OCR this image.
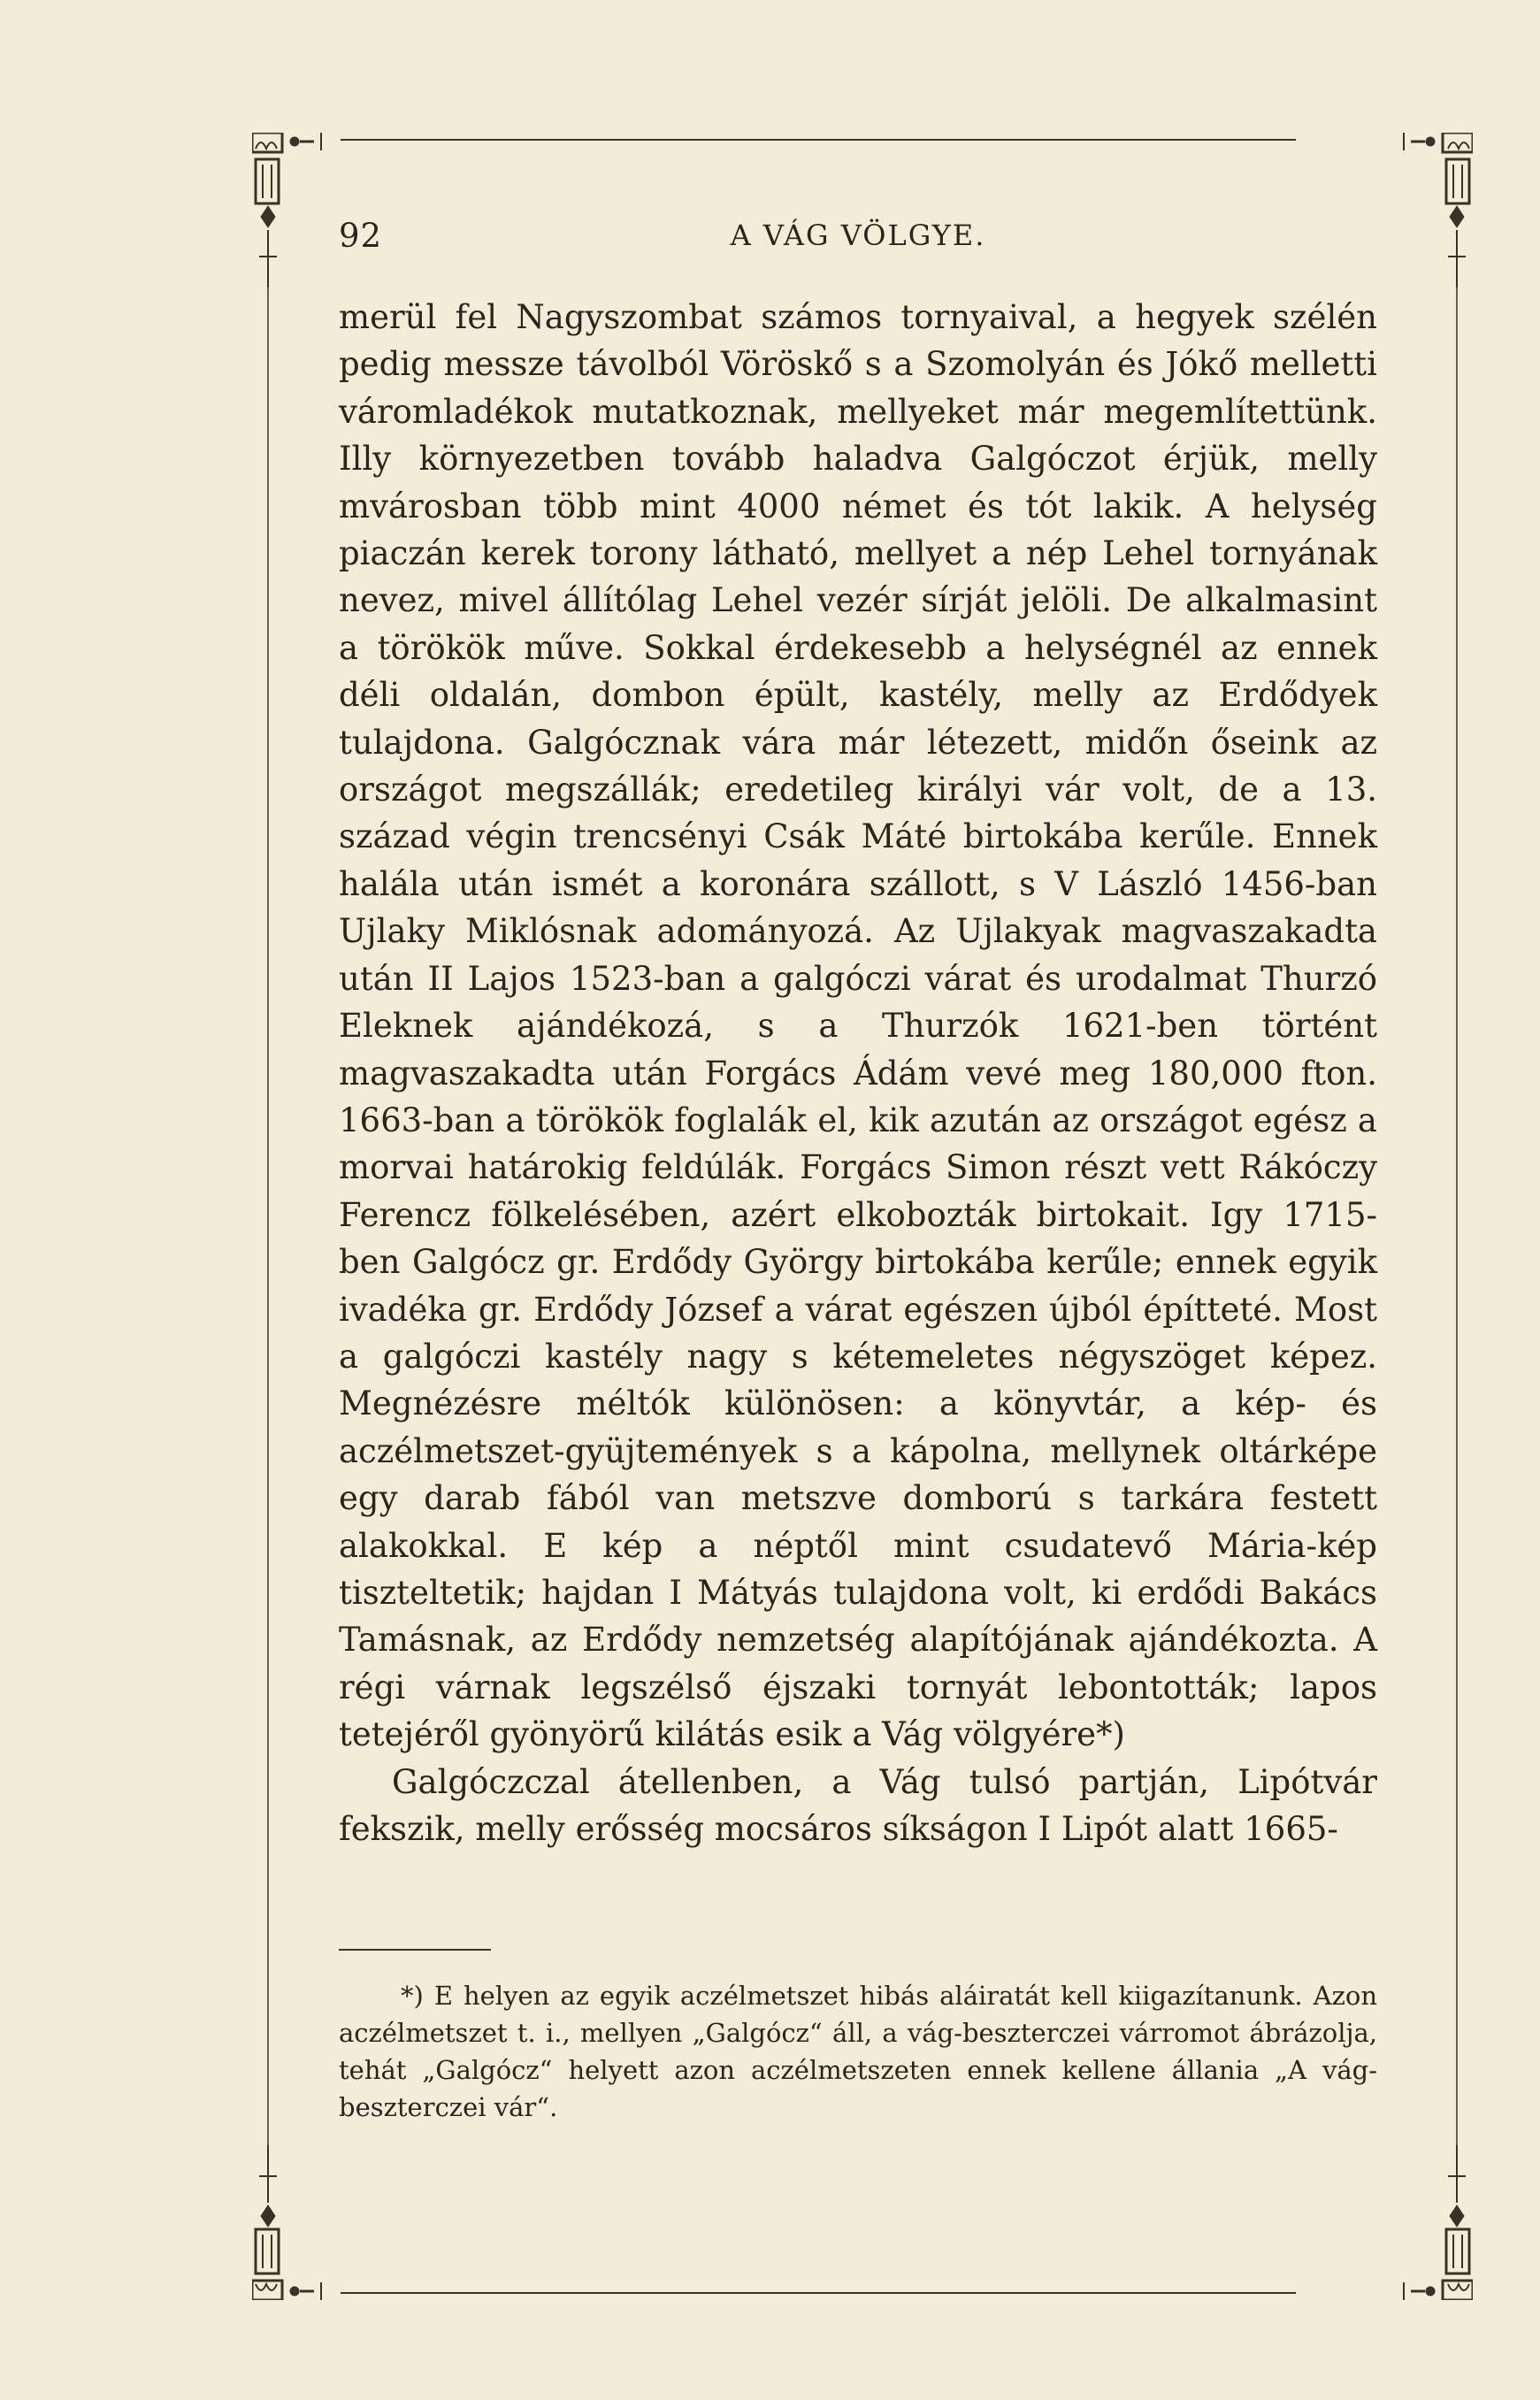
92	A VÁG VÖLGYE.

merül fel Nagyszombat számos tornyaival, a hegyek szélén pedig messze távolból Vöröskő s a Szomolyán és Jókő melletti váromladékok mutatkoznak, mellyeket már megemlítettünk. Illy környezetben tovább haladva Galgóczot érjük, melly mvárosban több mint 4000 német és tót lakik. A helység piaczán kerek torony látható, mellyet a nép Lehel tornyának nevez, mivel állítólag Lehel vezér sírját jelöli. De alkalmasint a törökök műve. Sokkal érdekesebb a helységnél az ennek déli oldalán, dombon épült, kastély, melly az Erdődyek tulajdona. Galgócznak vára már létezett, midőn őseink az országot megszállák; eredetileg királyi vár volt, de a 13. század végin trencsényi Csák Máté birtokába kerűle. Ennek halála után ismét a koronára szállott, s V László 1456-ban Ujlaky Miklósnak adományozá. Az Ujlakyak magvaszakadta után II Lajos 1523-ban a galgóczi várat és urodalmat Thurzó Eleknek ajándékozá, s a Thurzók 1621-ben történt magvaszakadta után Forgács Ádám vevé meg 180,000 fton. 1663-ban a törökök foglalák el, kik azután az országot egész a morvai határokig feldúlák. Forgács Simon részt vett Rákóczy Ferencz fölkelésében, azért elkobozták birtokait. Igy 1715-ben Galgócz gr. Erdődy György birtokába kerűle; ennek egyik ivadéka gr. Erdődy József a várat egészen újból építteté. Most a galgóczi kastély nagy s kétemeletes négyszöget képez. Megnézésre méltók különösen: a könyvtár, a kép- és aczélmetszet-gyüjtemények s a kápolna, mellynek oltárképe egy darab fából van metszve domború s tarkára festett alakokkal. E kép a néptől mint csudatevő Mária-kép tiszteltetik; hajdan I Mátyás tulajdona volt, ki erdődi Bakács Tamásnak, az Erdődy nemzetség alapítójának ajándékozta. A régi várnak legszélső éjszaki tornyát lebontották; lapos tetejéről gyönyörű kilátás esik a Vág völgyére*)

Galgóczczal átellenben, a Vág tulsó partján, Lipótvár fekszik, melly erősség mocsáros síkságon I Lipót alatt 1665-

*) E helyen az egyik aczélmetszet hibás aláiratát kell kiigazítanunk. Azon aczélmetszet t. i., mellyen „Galgócz“ áll, a vág-beszterczei várromot ábrázolja, tehát „Galgócz“ helyett azon aczélmetszeten ennek kellene állania „A vág-beszterczei vár“.
